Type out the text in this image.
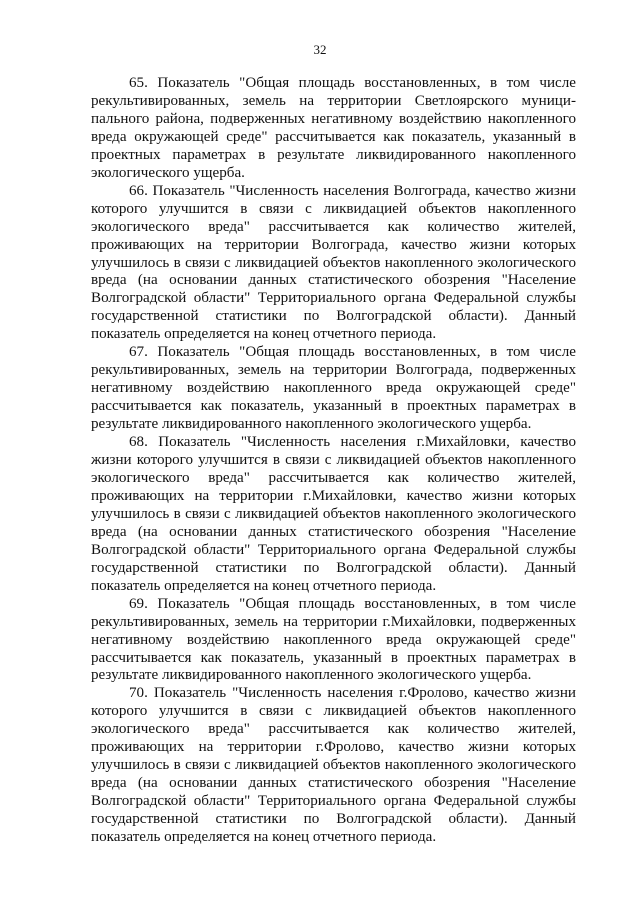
32

65. Показатель "Общая площадь восстановленных, в том числе рекультивированных, земель на территории Светлоярского муниципального района, подверженных негативному воздействию накопленного вреда окружающей среде" рассчитывается как показатель, указанный в проектных параметрах в результате ликвидированного накопленного экологического ущерба.

66. Показатель "Численность населения Волгограда, качество жизни которого улучшится в связи с ликвидацией объектов накопленного экологического вреда" рассчитывается как количество жителей, проживающих на территории Волгограда, качество жизни которых улучшилось в связи с ликвидацией объектов накопленного экологического вреда (на основании данных статистического обозрения "Население Волгоградской области" Территориального органа Федеральной службы государственной статистики по Волгоградской области). Данный показатель определяется на конец отчетного периода.

67. Показатель "Общая площадь восстановленных, в том числе рекультивированных, земель на территории Волгограда, подверженных негативному воздействию накопленного вреда окружающей среде" рассчитывается как показатель, указанный в проектных параметрах в результате ликвидированного накопленного экологического ущерба.

68. Показатель "Численность населения г.Михайловки, качество жизни которого улучшится в связи с ликвидацией объектов накопленного экологического вреда" рассчитывается как количество жителей, проживающих на территории г.Михайловки, качество жизни которых улучшилось в связи с ликвидацией объектов накопленного экологического вреда (на основании данных статистического обозрения "Население Волгоградской области" Территориального органа Федеральной службы государственной статистики по Волгоградской области). Данный показатель определяется на конец отчетного периода.

69. Показатель "Общая площадь восстановленных, в том числе рекультивированных, земель на территории г.Михайловки, подверженных негативному воздействию накопленного вреда окружающей среде" рассчитывается как показатель, указанный в проектных параметрах в результате ликвидированного накопленного экологического ущерба.

70. Показатель "Численность населения г.Фролово, качество жизни которого улучшится в связи с ликвидацией объектов накопленного экологического вреда" рассчитывается как количество жителей, проживающих на территории г.Фролово, качество жизни которых улучшилось в связи с ликвидацией объектов накопленного экологического вреда (на основании данных статистического обозрения "Население Волгоградской области" Территориального органа Федеральной службы государственной статистики по Волгоградской области). Данный показатель определяется на конец отчетного периода.
